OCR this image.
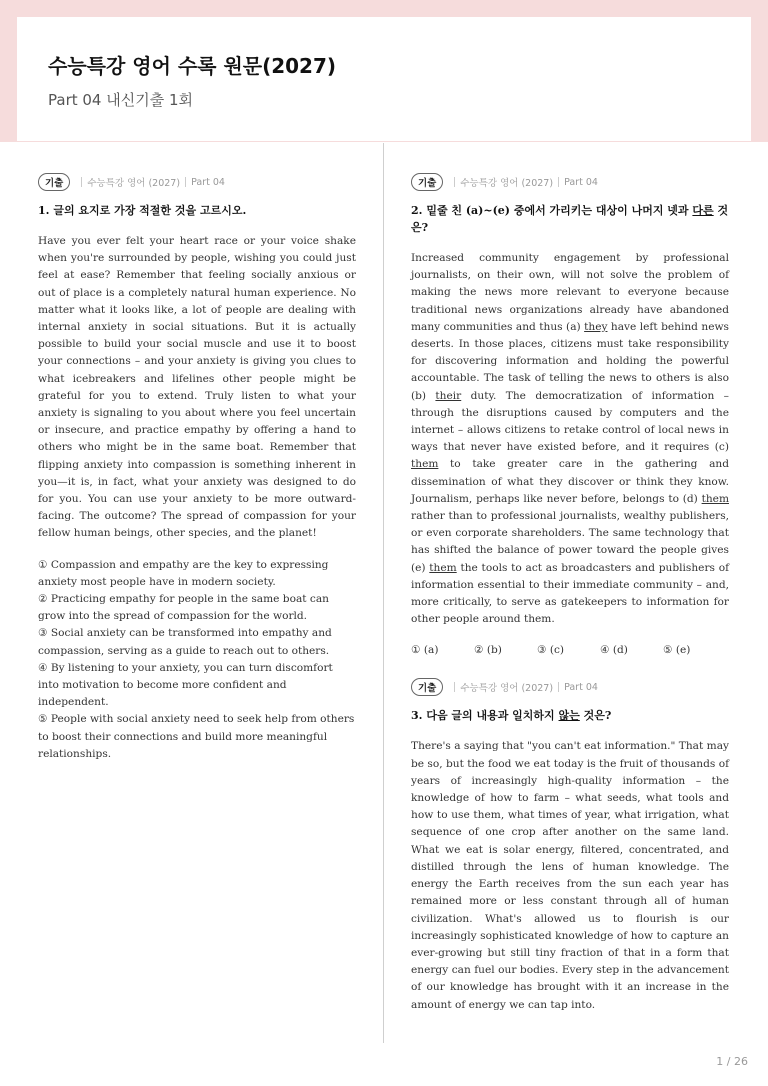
수능특강 영어 수록 원문(2027)

Part 04 내신기출 1회

기출	수능특강 영어 (2027) Part 04

1. 글의 요지로 가장 적절한 것을 고르시오.

Have you ever felt your heart race or your voice shake when you're surrounded by people, wishing you could just feel at ease? Remember that feeling socially anxious or out of place is a completely natural human experience. No matter what it looks like, a lot of people are dealing with internal anxiety in social situations. But it is actually possible to build your social muscle and use it to boost your connections – and your anxiety is giving you clues to what icebreakers and lifelines other people might be grateful for you to extend. Truly listen to what your anxiety is signaling to you about where you feel uncertain or insecure, and practice empathy by offering a hand to others who might be in the same boat. Remember that flipping anxiety into compassion is something inherent in you—it is, in fact, what your anxiety was designed to do for you. You can use your anxiety to be more outward-facing. The outcome? The spread of compassion for your fellow human beings, other species, and the planet!

① Compassion and empathy are the key to expressing anxiety most people have in modern society.

② Practicing empathy for people in the same boat can grow into the spread of compassion for the world.

③ Social anxiety can be transformed into empathy and compassion, serving as a guide to reach out to others.

④ By listening to your anxiety, you can turn discomfort into motivation to become more confident and independent.

⑤ People with social anxiety need to seek help from others to boost their connections and build more meaningful relationships.

기출	수능특강 영어 (2027) Part 04

2. 밑줄 친 (a)~(e) 중에서 가리키는 대상이 나머지 넷과 다른 것은?

Increased community engagement by professional journalists, on their own, will not solve the problem of making the news more relevant to everyone because traditional news organizations already have abandoned many communities and thus (a) they have left behind news deserts. In those places, citizens must take responsibility for discovering information and holding the powerful accountable. The task of telling the news to others is also (b) their duty. The democratization of information – through the disruptions caused by computers and the internet – allows citizens to retake control of local news in ways that never have existed before, and it requires (c) them to take greater care in the gathering and dissemination of what they discover or think they know. Journalism, perhaps like never before, belongs to (d) them rather than to professional journalists, wealthy publishers, or even corporate shareholders. The same technology that has shifted the balance of power toward the people gives (e) them the tools to act as broadcasters and publishers of information essential to their immediate community – and, more critically, to serve as gatekeepers to information for other people around them.

① (a)	② (b)	③ (c)	④ (d)	⑤ (e)
기출	수능특강 영어 (2027) Part 04

3. 다음 글의 내용과 일치하지 않는 것은?

There's a saying that "you can't eat information." That may be so, but the food we eat today is the fruit of thousands of years of increasingly high-quality information – the knowledge of how to farm – what seeds, what tools and how to use them, what times of year, what irrigation, what sequence of one crop after another on the same land. What we eat is solar energy, filtered, concentrated, and distilled through the lens of human knowledge. The energy the Earth receives from the sun each year has remained more or less constant through all of human civilization. What's allowed us to flourish is our increasingly sophisticated knowledge of how to capture an ever-growing but still tiny fraction of that in a form that energy can fuel our bodies. Every step in the advancement of our knowledge has brought with it an increase in the amount of energy we can tap into.

1 / 26
